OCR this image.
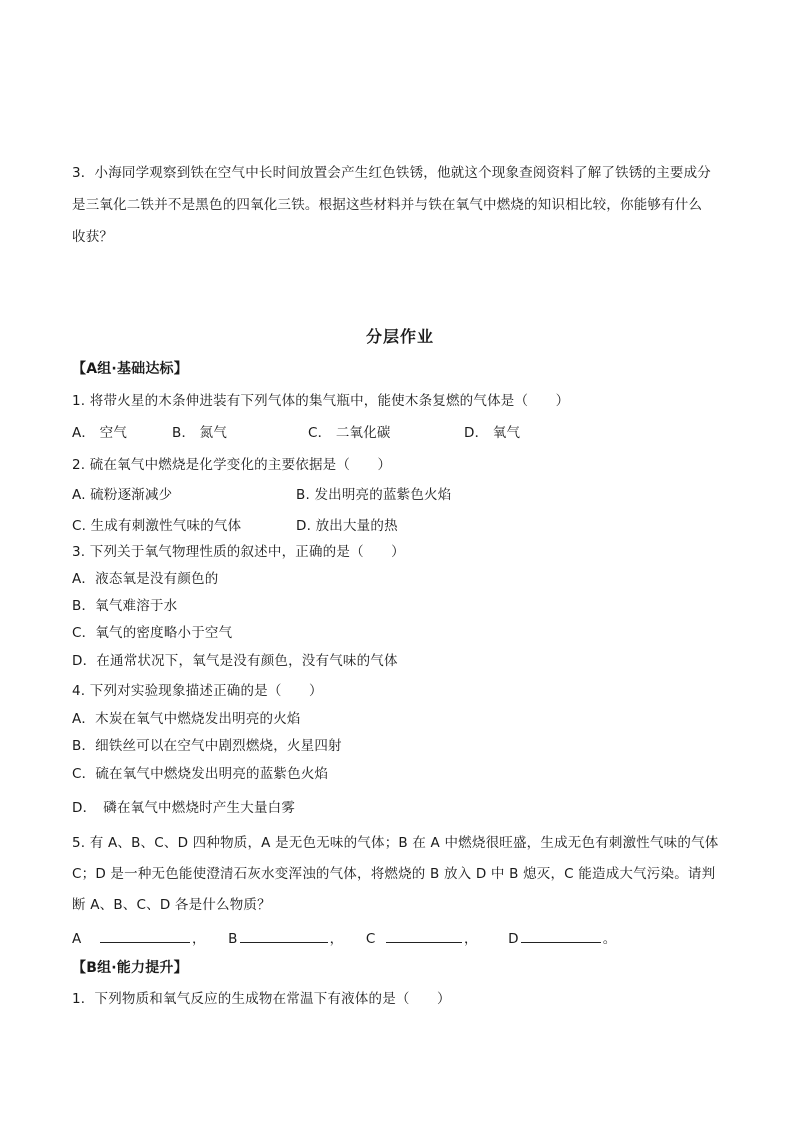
3．小海同学观察到铁在空气中长时间放置会产生红色铁锈，他就这个现象查阅资料了解了铁锈的主要成分
是三氧化二铁并不是黑色的四氧化三铁。根据这些材料并与铁在氧气中燃烧的知识相比较，你能够有什么
收获？
分层作业
【A组·基础达标】
1. 将带火星的木条伸进装有下列气体的集气瓶中，能使木条复燃的气体是（　　）
A． 空气	B． 氮气	C． 二氧化碳	D． 氧气
2. 硫在氧气中燃烧是化学变化的主要依据是（　　）
A. 硫粉逐渐减少	B. 发出明亮的蓝紫色火焰
C. 生成有刺激性气味的气体	D. 放出大量的热
3. 下列关于氧气物理性质的叙述中，正确的是（　　）
A．液态氧是没有颜色的
B．氧气难溶于水
C．氧气的密度略小于空气
D．在通常状况下，氧气是没有颜色，没有气味的气体
4. 下列对实验现象描述正确的是（　　）
A．木炭在氧气中燃烧发出明亮的火焰
B．细铁丝可以在空气中剧烈燃烧，火星四射
C．硫在氧气中燃烧发出明亮的蓝紫色火焰
D．　磷在氧气中燃烧时产生大量白雾
5. 有 A、B、C、D 四种物质，A 是无色无味的气体；B 在 A 中燃烧很旺盛，生成无色有刺激性气味的气体
C；D 是一种无色能使澄清石灰水变浑浊的气体，将燃烧的 B 放入 D 中 B 熄灭，C 能造成大气污染。请判
断 A、B、C、D 各是什么物质？
A	， B	， C	， D	。
【B组·能力提升】
1．下列物质和氧气反应的生成物在常温下有液体的是（　　）
